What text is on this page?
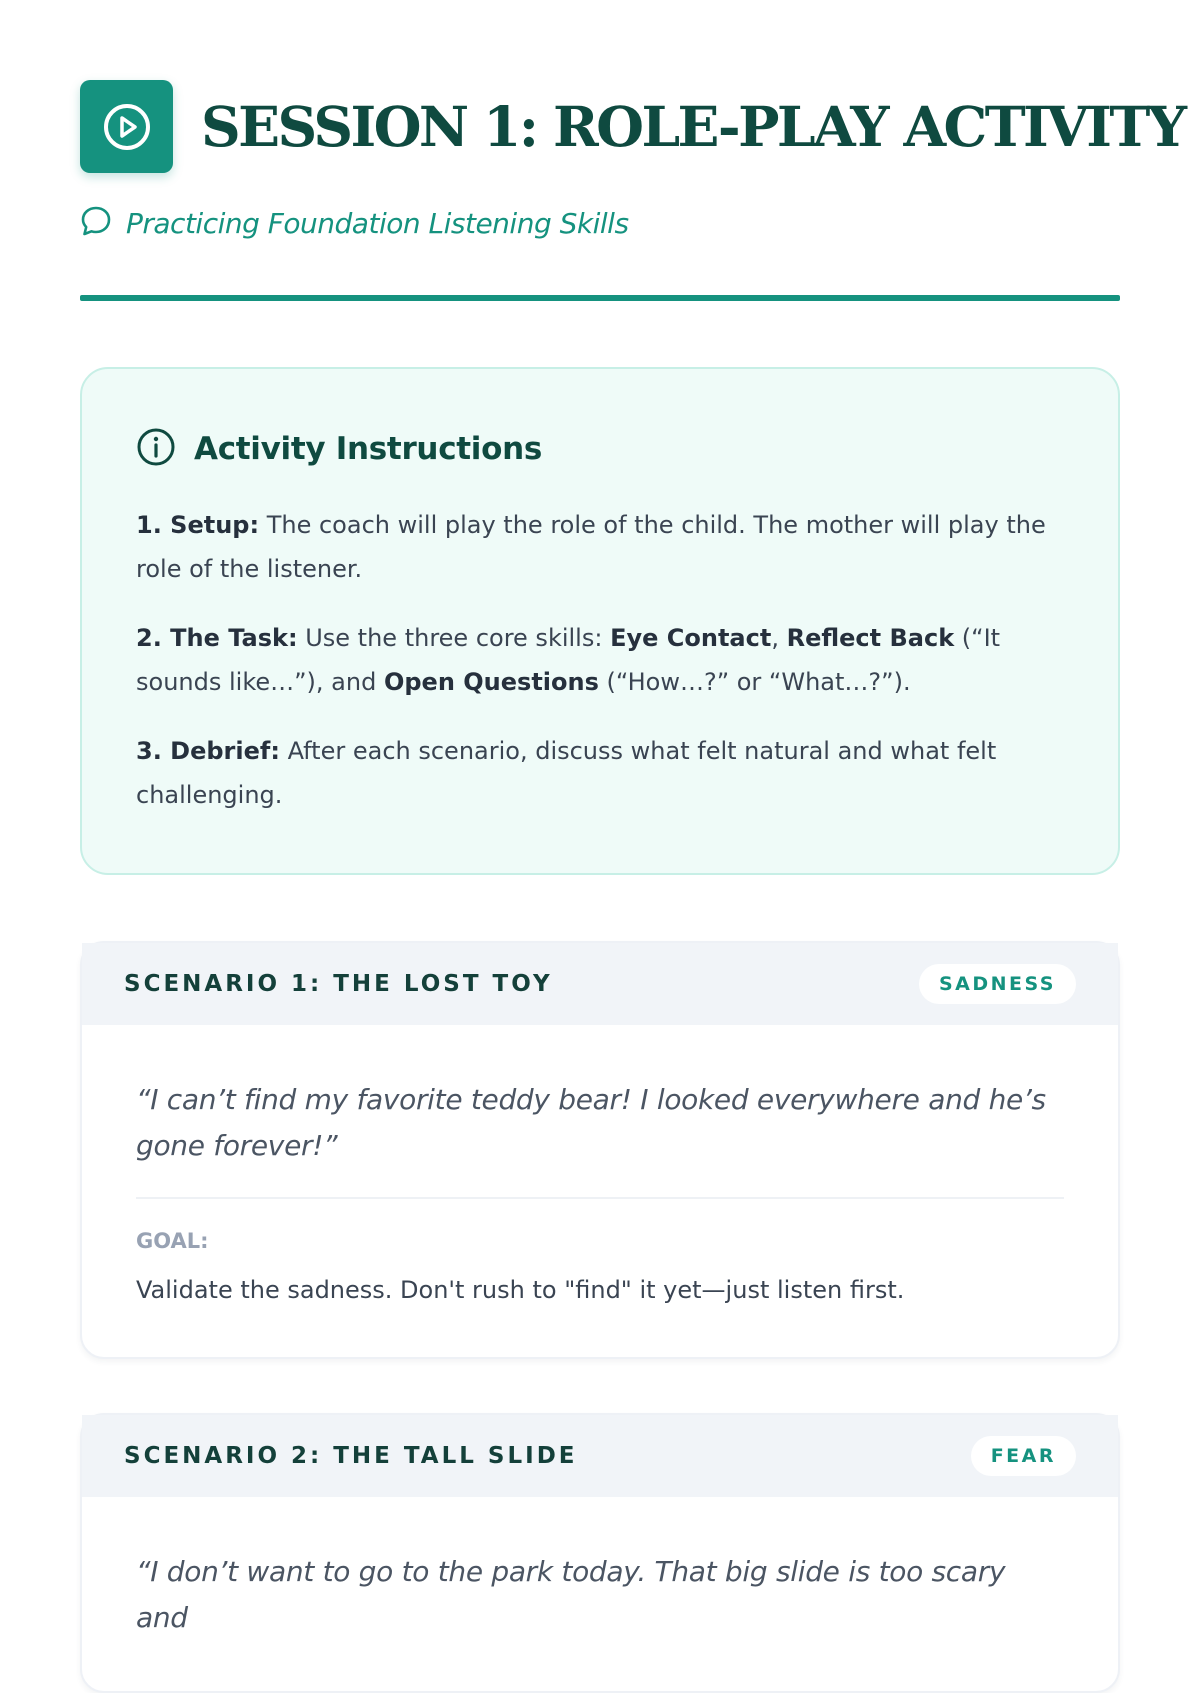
SESSION 1: ROLE-PLAY ACTIVITY
Practicing Foundation Listening Skills
Activity Instructions

1. Setup: The coach will play the role of the child. The mother will play the role of the listener.

2. The Task: Use the three core skills: Eye Contact, Reflect Back (“It sounds like…”), and Open Questions (“How…?” or “What…?”).

3. Debrief: After each scenario, discuss what felt natural and what felt challenging.

SCENARIO 1: THE LOST TOY	SADNESS

“I can’t find my favorite teddy bear! I looked everywhere and he’s gone forever!”

GOAL:

Validate the sadness. Don't rush to "find" it yet—just listen first.

SCENARIO 2: THE TALL SLIDE	FEAR

“I don’t want to go to the park today. That big slide is too scary and
